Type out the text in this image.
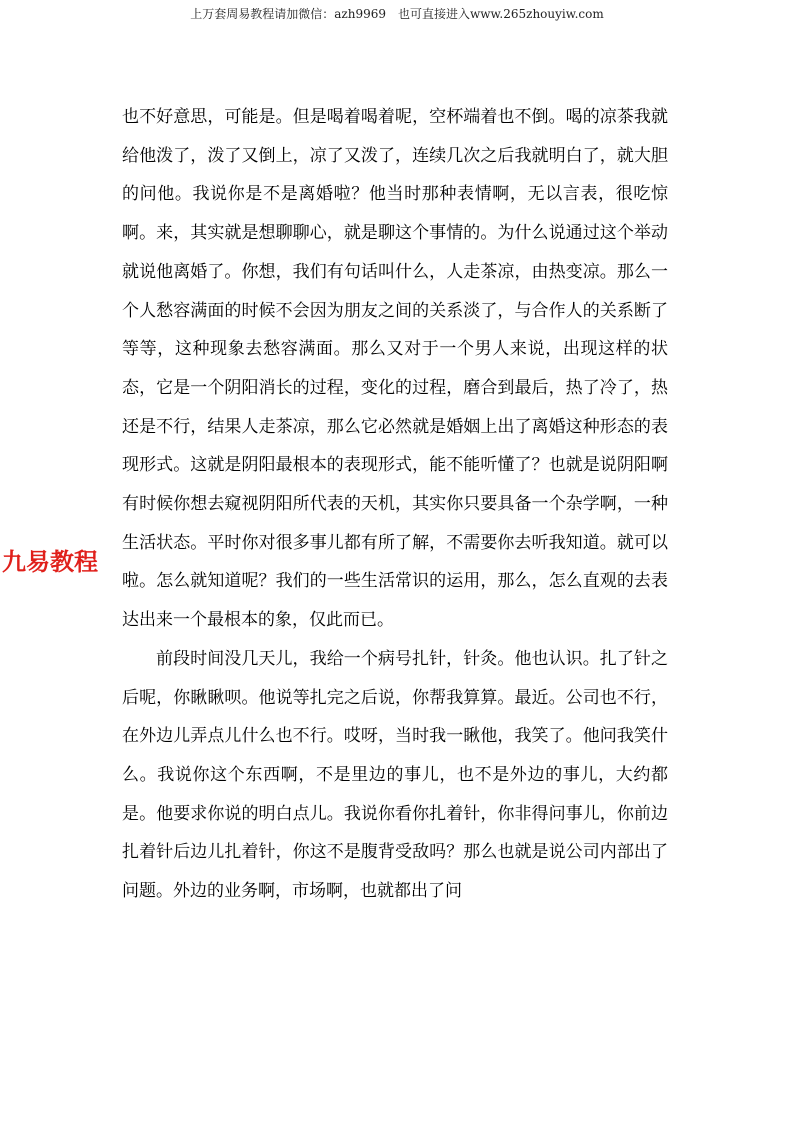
上万套周易教程请加微信：azh9969 也可直接进入www.265zhouyiw.com
九易教程

也不好意思，可能是。但是喝着喝着呢，空杯端着也不倒。喝的凉茶我就给他泼了，泼了又倒上，凉了又泼了，连续几次之后我就明白了，就大胆的问他。我说你是不是离婚啦？他当时那种表情啊，无以言表，很吃惊啊。来，其实就是想聊聊心，就是聊这个事情的。为什么说通过这个举动就说他离婚了。你想，我们有句话叫什么，人走茶凉，由热变凉。那么一个人愁容满面的时候不会因为朋友之间的关系淡了，与合作人的关系断了等等，这种现象去愁容满面。那么又对于一个男人来说，出现这样的状态，它是一个阴阳消长的过程，变化的过程，磨合到最后，热了冷了，热还是不行，结果人走茶凉，那么它必然就是婚姻上出了离婚这种形态的表现形式。这就是阴阳最根本的表现形式，能不能听懂了？也就是说阴阳啊有时候你想去窥视阴阳所代表的天机，其实你只要具备一个杂学啊，一种生活状态。平时你对很多事儿都有所了解，不需要你去听我知道。就可以啦。怎么就知道呢？我们的一些生活常识的运用，那么，怎么直观的去表达出来一个最根本的象，仅此而已。

前段时间没几天儿，我给一个病号扎针，针灸。他也认识。扎了针之后呢，你瞅瞅呗。他说等扎完之后说，你帮我算算。最近。公司也不行，在外边儿弄点儿什么也不行。哎呀，当时我一瞅他，我笑了。他问我笑什么。我说你这个东西啊，不是里边的事儿，也不是外边的事儿，大约都是。他要求你说的明白点儿。我说你看你扎着针，你非得问事儿，你前边扎着针后边儿扎着针，你这不是腹背受敌吗？那么也就是说公司内部出了问题。外边的业务啊，市场啊，也就都出了问
